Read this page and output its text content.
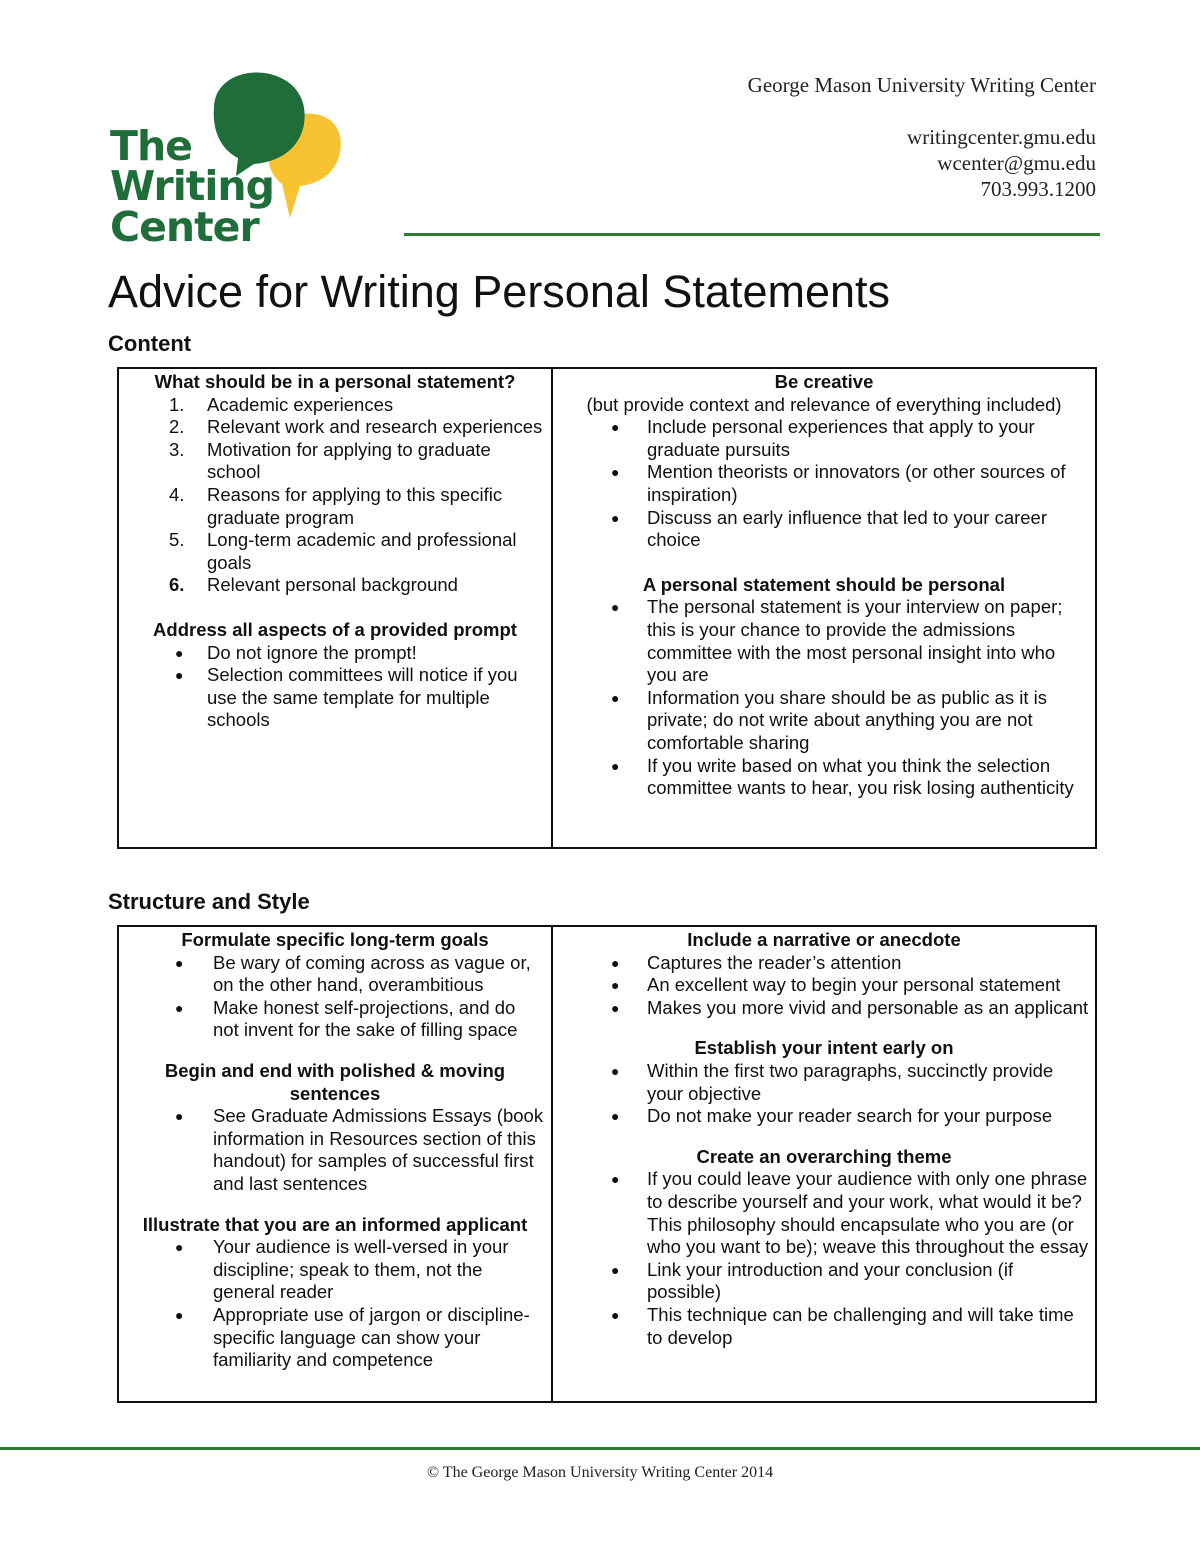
The
Writing Center
George Mason University Writing Center
writingcenter.gmu.edu
wcenter@gmu.edu
703.993.1200
Advice for Writing Personal Statements
Content
What should be in a personal statement?
1.	Academic experiences
2.	Relevant work and research experiences
3.	Motivation for applying to graduate school
4.	Reasons for applying to this specific graduate program
5.	Long-term academic and professional goals
6.	Relevant personal background
Address all aspects of a provided prompt
● Do not ignore the prompt!
● Selection committees will notice if you use the same template for multiple schools

Be creative
(but provide context and relevance of everything included)
● Include personal experiences that apply to your graduate pursuits
● Mention theorists or innovators (or other sources of inspiration)
● Discuss an early influence that led to your career choice
A personal statement should be personal
● The personal statement is your interview on paper; this is your chance to provide the admissions committee with the most personal insight into who you are
● Information you share should be as public as it is private; do not write about anything you are not comfortable sharing
● If you write based on what you think the selection committee wants to hear, you risk losing authenticity
Structure and Style
Formulate specific long-term goals
● Be wary of coming across as vague or, on the other hand, overambitious
● Make honest self-projections, and do not invent for the sake of filling space
Begin and end with polished & moving sentences
● See Graduate Admissions Essays (book information in Resources section of this handout) for samples of successful first and last sentences
Illustrate that you are an informed applicant
● Your audience is well-versed in your discipline; speak to them, not the general reader
● Appropriate use of jargon or discipline-specific language can show your familiarity and competence

Include a narrative or anecdote
● Captures the reader’s attention
● An excellent way to begin your personal statement
● Makes you more vivid and personable as an applicant
Establish your intent early on
● Within the first two paragraphs, succinctly provide your objective
● Do not make your reader search for your purpose
Create an overarching theme
● If you could leave your audience with only one phrase to describe yourself and your work, what would it be? This philosophy should encapsulate who you are (or who you want to be); weave this throughout the essay
● Link your introduction and your conclusion (if possible)
● This technique can be challenging and will take time to develop
© The George Mason University Writing Center 2014
